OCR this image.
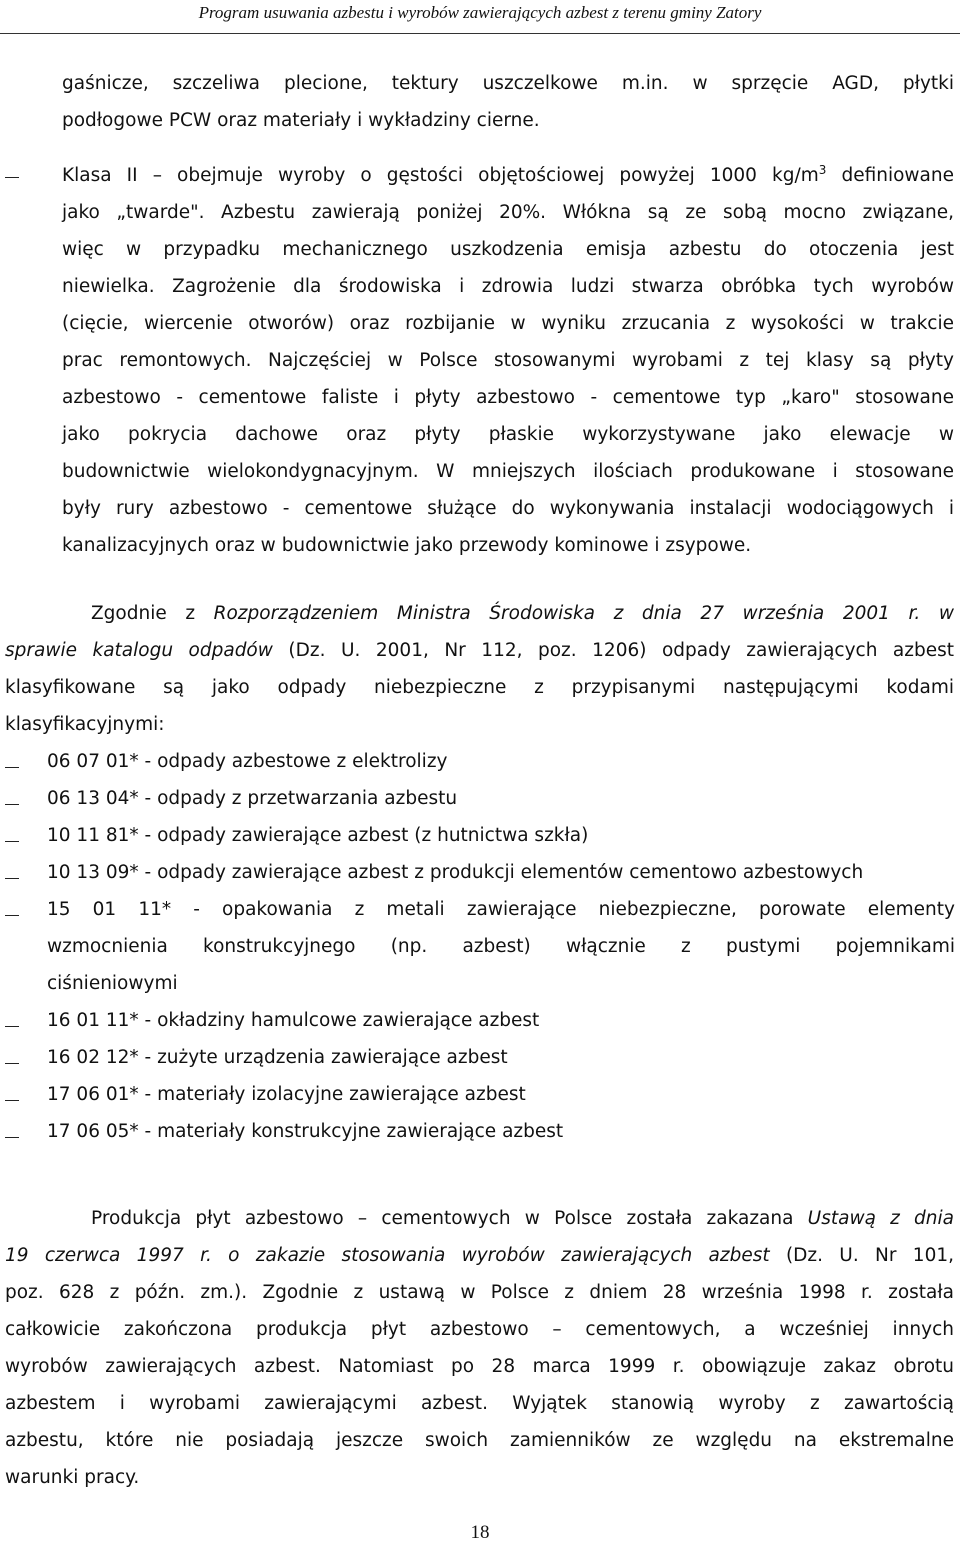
Program usuwania azbestu i wyrobów zawierających azbest z terenu gminy Zatory
gaśnicze, szczeliwa plecione, tektury uszczelkowe m.in. w sprzęcie AGD, płytki
podłogowe PCW oraz materiały i wykładziny cierne.
Klasa II – obejmuje wyroby o gęstości objętościowej powyżej 1000 $kg/m^3$ definiowane
jako „twarde". Azbestu zawierają poniżej 20%. Włókna są ze sobą mocno związane,
więc w przypadku mechanicznego uszkodzenia emisja azbestu do otoczenia jest
niewielka. Zagrożenie dla środowiska i zdrowia ludzi stwarza obróbka tych wyrobów
(cięcie, wiercenie otworów) oraz rozbijanie w wyniku zrzucania z wysokości w trakcie
prac remontowych. Najczęściej w Polsce stosowanymi wyrobami z tej klasy są płyty
azbestowo - cementowe faliste i płyty azbestowo - cementowe typ „karo" stosowane
jako pokrycia dachowe oraz płyty płaskie wykorzystywane jako elewacje w
budownictwie wielokondygnacyjnym. W mniejszych ilościach produkowane i stosowane
były rury azbestowo - cementowe służące do wykonywania instalacji wodociągowych i
kanalizacyjnych oraz w budownictwie jako przewody kominowe i zsypowe.
Zgodnie z Rozporządzeniem Ministra Środowiska z dnia 27 września 2001 r. w
sprawie katalogu odpadów (Dz. U. 2001, Nr 112, poz. 1206) odpady zawierających azbest
klasyfikowane są jako odpady niebezpieczne z przypisanymi następującymi kodami
klasyfikacyjnymi:
06 07 01* - odpady azbestowe z elektrolizy
06 13 04* - odpady z przetwarzania azbestu
10 11 81* - odpady zawierające azbest (z hutnictwa szkła)
10 13 09* - odpady zawierające azbest z produkcji elementów cementowo azbestowych
15 01 11* - opakowania z metali zawierające niebezpieczne, porowate elementy
wzmocnienia konstrukcyjnego (np. azbest) włącznie z pustymi pojemnikami
ciśnieniowymi
16 01 11* - okładziny hamulcowe zawierające azbest
16 02 12* - zużyte urządzenia zawierające azbest
17 06 01* - materiały izolacyjne zawierające azbest
17 06 05* - materiały konstrukcyjne zawierające azbest
Produkcja płyt azbestowo – cementowych w Polsce została zakazana Ustawą z dnia
19 czerwca 1997 r. o zakazie stosowania wyrobów zawierających azbest (Dz. U. Nr 101,
poz. 628 z późn. zm.). Zgodnie z ustawą w Polsce z dniem 28 września 1998 r. została
całkowicie zakończona produkcja płyt azbestowo – cementowych, a wcześniej innych
wyrobów zawierających azbest. Natomiast po 28 marca 1999 r. obowiązuje zakaz obrotu
azbestem i wyrobami zawierającymi azbest. Wyjątek stanowią wyroby z zawartością
azbestu, które nie posiadają jeszcze swoich zamienników ze względu na ekstremalne
warunki pracy.
18
